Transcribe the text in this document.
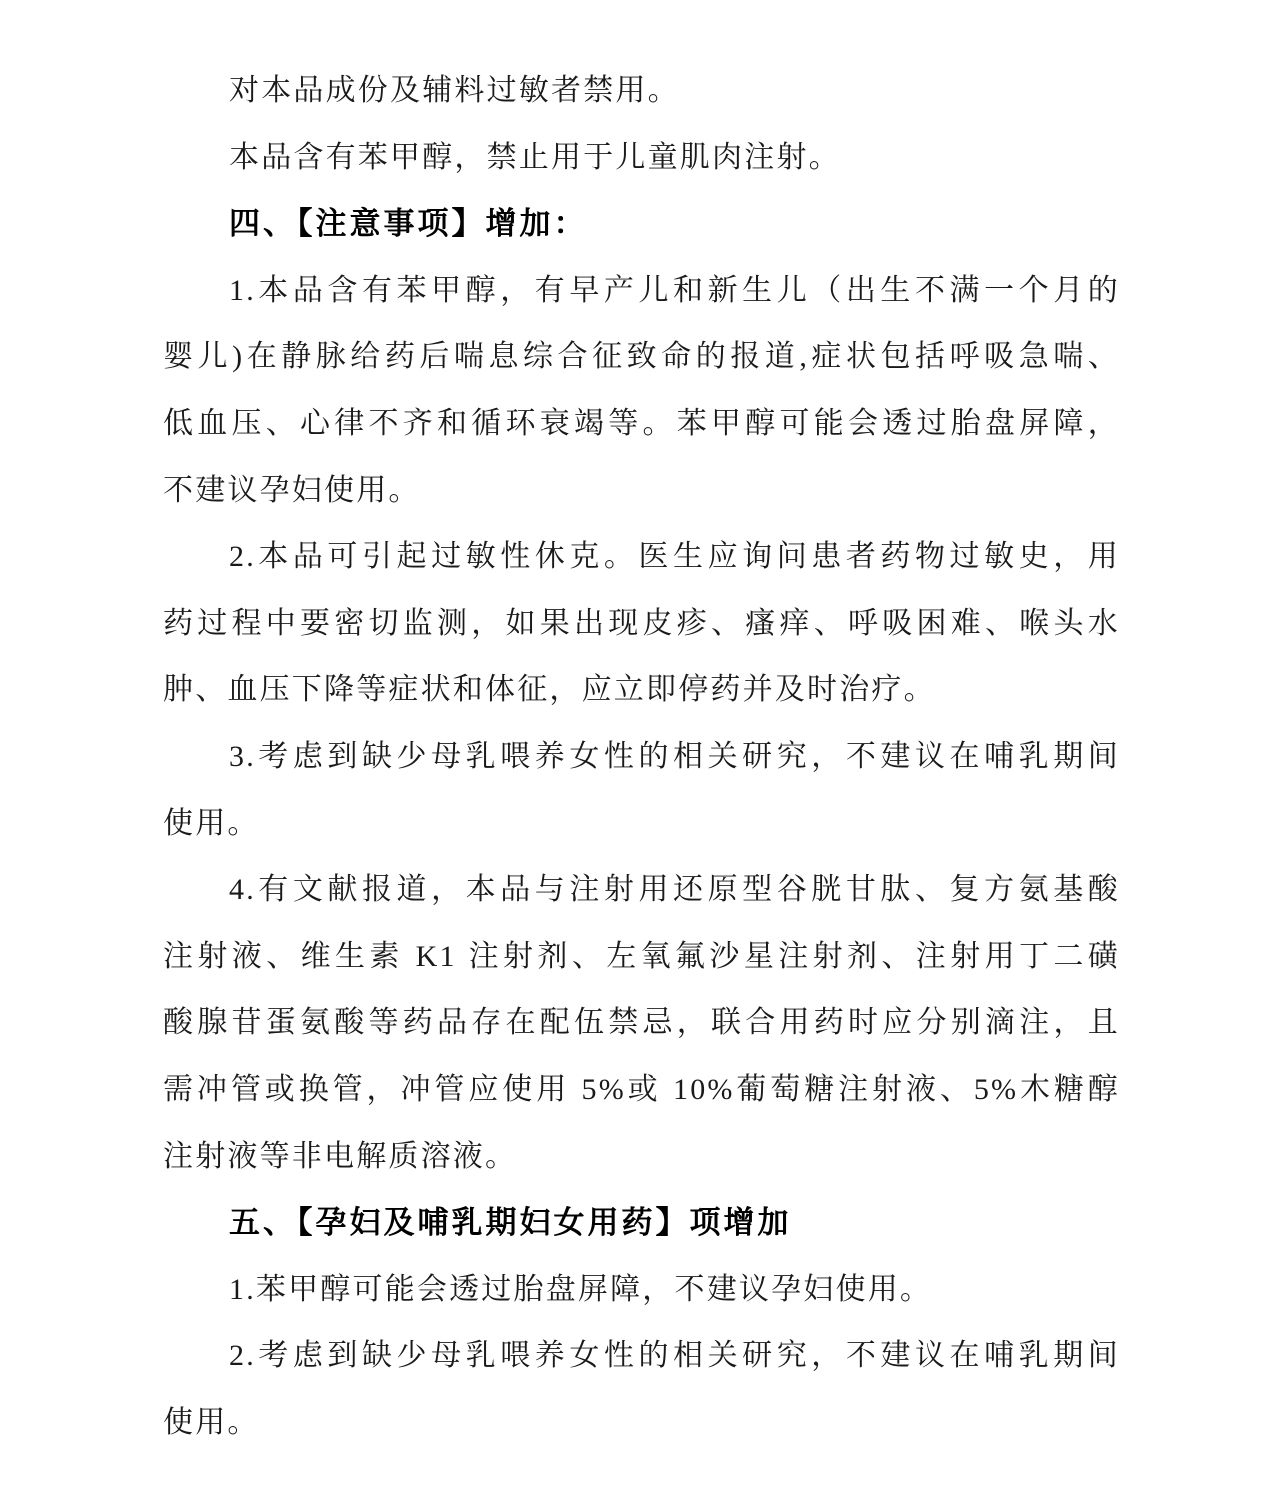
对本品成份及辅料过敏者禁用。
本品含有苯甲醇，禁止用于儿童肌肉注射。
四、【注意事项】增加：
1.本品含有苯甲醇，有早产儿和新生儿（出生不满一个月的
婴儿)在静脉给药后喘息综合征致命的报道,症状包括呼吸急喘、
低血压、心律不齐和循环衰竭等。苯甲醇可能会透过胎盘屏障，
不建议孕妇使用。
2.本品可引起过敏性休克。医生应询问患者药物过敏史，用
药过程中要密切监测，如果出现皮疹、瘙痒、呼吸困难、喉头水
肿、血压下降等症状和体征，应立即停药并及时治疗。
3.考虑到缺少母乳喂养女性的相关研究，不建议在哺乳期间
使用。
4.有文献报道，本品与注射用还原型谷胱甘肽、复方氨基酸
注射液、维生素 K1 注射剂、左氧氟沙星注射剂、注射用丁二磺
酸腺苷蛋氨酸等药品存在配伍禁忌，联合用药时应分别滴注，且
需冲管或换管，冲管应使用 5%或 10%葡萄糖注射液、5%木糖醇
注射液等非电解质溶液。
五、【孕妇及哺乳期妇女用药】项增加
1.苯甲醇可能会透过胎盘屏障，不建议孕妇使用。
2.考虑到缺少母乳喂养女性的相关研究，不建议在哺乳期间
使用。
